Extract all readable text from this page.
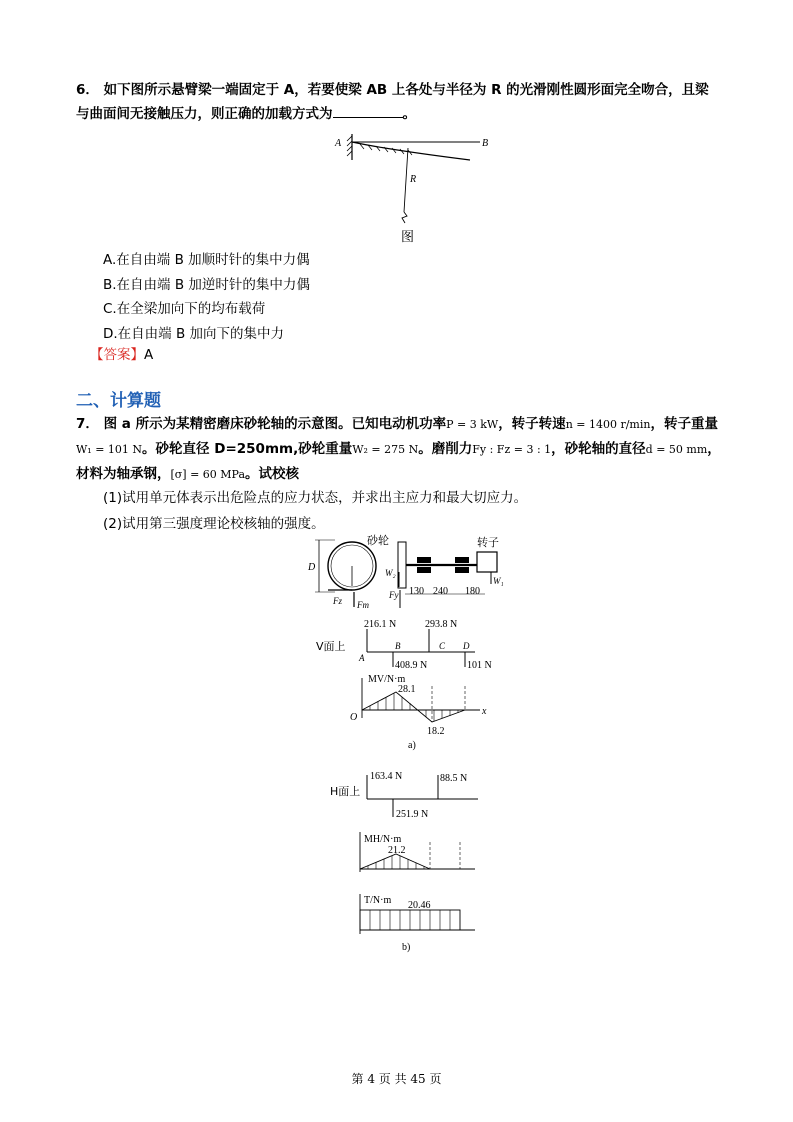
6． 如下图所示悬臂梁一端固定于 A，若要使梁 AB 上各处与半径为 R 的光滑刚性圆形面完全吻合，且梁与曲面间无接触压力，则正确的加载方式为	。
A	B
R
图
A.在自由端 B 加顺时针的集中力偶
B.在自由端 B 加逆时针的集中力偶
C.在全梁加向下的均布载荷
D.在自由端 B 加向下的集中力
【答案】A
二、计算题
7． 图 a 所示为某精密磨床砂轮轴的示意图。已知电动机功率P = 3 kW，转子转速n = 1400 r/min，转子重量W₁ = 101 N。砂轮直径 D=250mm,砂轮重量W₂ = 275 N。磨削力Fy : Fz = 3 : 1，砂轮轴的直径d = 50 mm，材料为轴承钢，[σ] = 60 MPa。试校核
(1)试用单元体表示出危险点的应力状态，并求出主应力和最大切应力。
(2)试用第三强度理论校核轴的强度。
D
Fz Fm
砂轮	转子
W₁
W₂
Fy 130 240 180
V面上
216.1 N	293.8 N
408.9 N	101 N
A
B	C D
MV/N·m
x
O
28.1
18.2
a)
H面上
163.4 N	88.5 N
251.9 N
MH/N·m
21.2
T/N·m 20.46
b)
第 4 页 共 45 页
